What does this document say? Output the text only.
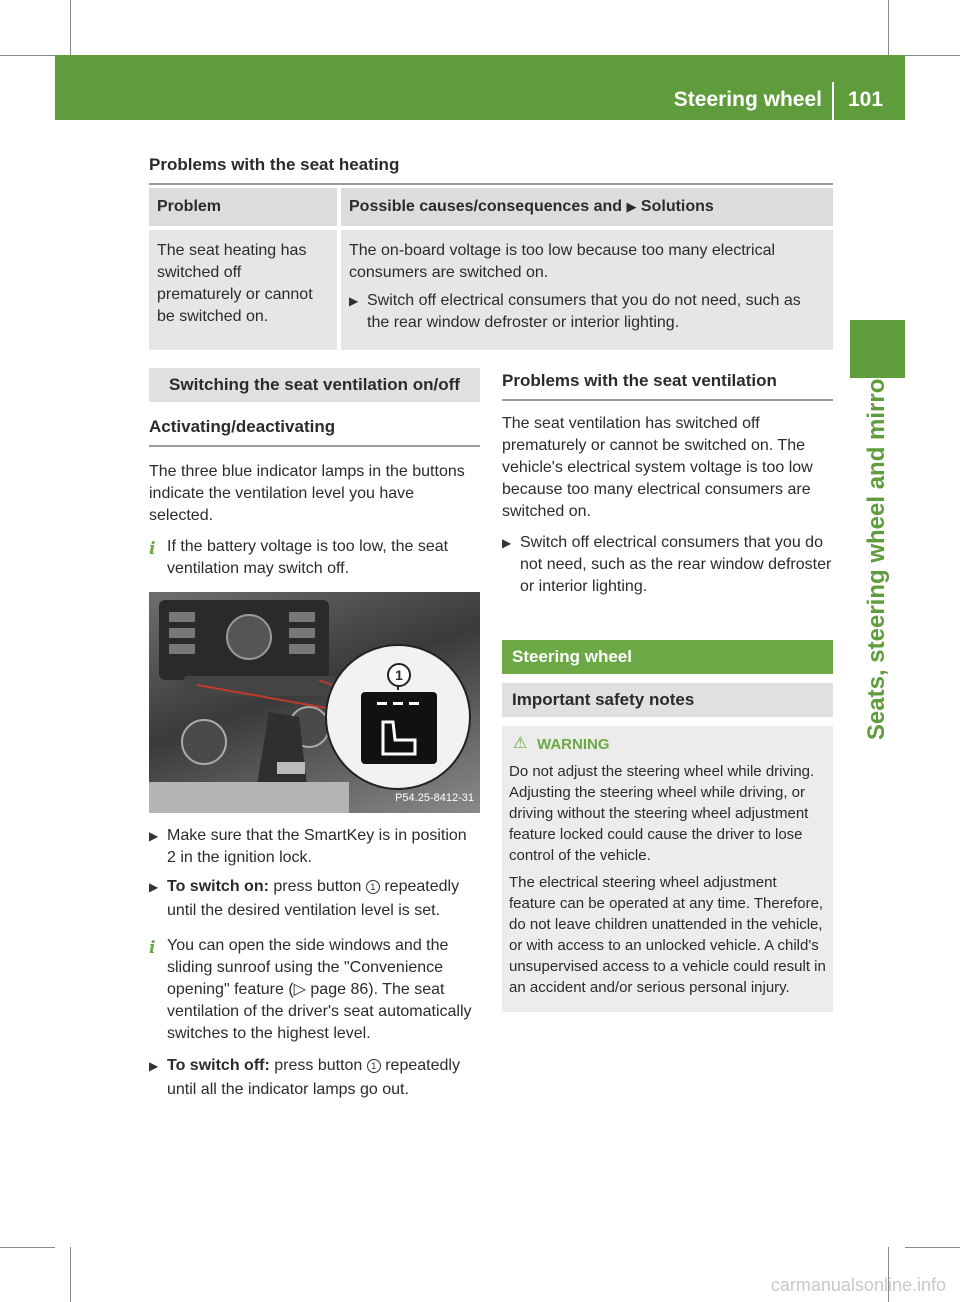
Steering wheel 101
Seats, steering wheel and mirrors
Problems with the seat heating
Problem		Possible causes/consequences and ▶ Solutions

The seat heating has switched off prematurely or cannot be switched on.		The on-board voltage is too low because too many electrical consumers are switched on.
▶ Switch off electrical consumers that you do not need, such as the rear window defroster or interior lighting.
Switching the seat ventilation on/off
Activating/deactivating

The three blue indicator lamps in the buttons indicate the ventilation level you have selected.

i If the battery voltage is too low, the seat ventilation may switch off.
1
P54.25-8412-31
▶ Make sure that the SmartKey is in position 2 in the ignition lock.
▶ To switch on: press button 1 repeatedly until the desired ventilation level is set.
i You can open the side windows and the sliding sunroof using the "Convenience opening" feature (▷ page 86). The seat ventilation of the driver's seat automatically switches to the highest level.
▶ To switch off: press button 1 repeatedly until all the indicator lamps go out.
Problems with the seat ventilation

The seat ventilation has switched off prematurely or cannot be switched on. The vehicle's electrical system voltage is too low because too many electrical consumers are switched on.

▶ Switch off electrical consumers that you do not need, such as the rear window defroster or interior lighting.
Steering wheel
Important safety notes

⚠ WARNING

Do not adjust the steering wheel while driving. Adjusting the steering wheel while driving, or driving without the steering wheel adjustment feature locked could cause the driver to lose control of the vehicle.

The electrical steering wheel adjustment feature can be operated at any time. Therefore, do not leave children unattended in the vehicle, or with access to an unlocked vehicle. A child's unsupervised access to a vehicle could result in an accident and/or serious personal injury.

carmanualsonline.info
